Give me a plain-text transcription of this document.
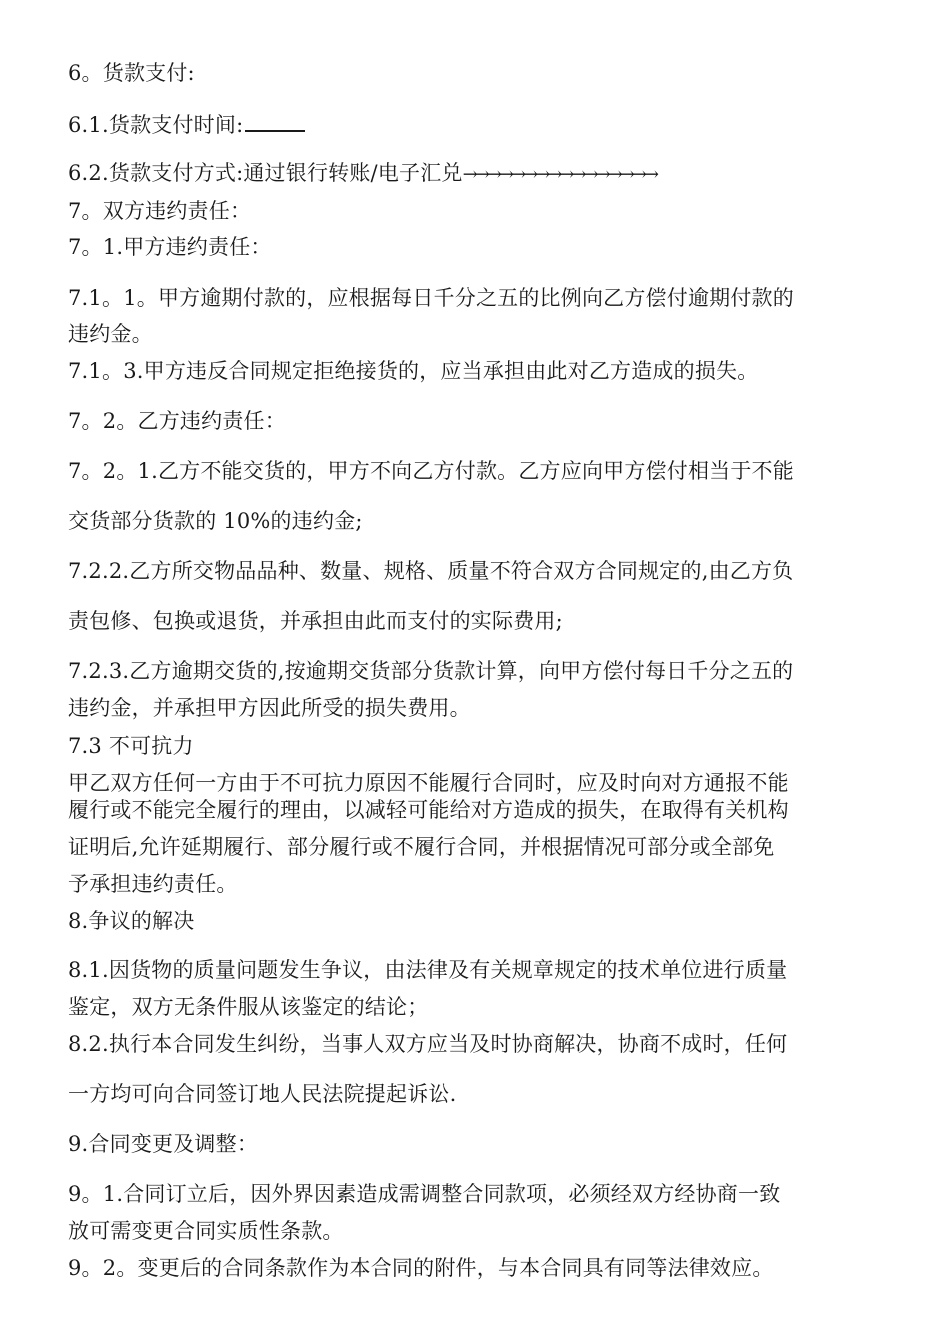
6。货款支付:
6.1.货款支付时间:
6.2.货款支付方式:通过银行转账/电子汇兑→→→→→→→→→→→→→→→→
7。双方违约责任：
7。1.甲方违约责任：
7.1。1。甲方逾期付款的，应根据每日千分之五的比例向乙方偿付逾期付款的
违约金。
7.1。3.甲方违反合同规定拒绝接货的，应当承担由此对乙方造成的损失。
7。2。乙方违约责任：
7。2。1.乙方不能交货的，甲方不向乙方付款。乙方应向甲方偿付相当于不能
交货部分货款的 10%的违约金;
7.2.2.乙方所交物品品种、数量、规格、质量不符合双方合同规定的,由乙方负
责包修、包换或退货，并承担由此而支付的实际费用;
7.2.3.乙方逾期交货的,按逾期交货部分货款计算，向甲方偿付每日千分之五的
违约金，并承担甲方因此所受的损失费用。
7.3 不可抗力
甲乙双方任何一方由于不可抗力原因不能履行合同时，应及时向对方通报不能
履行或不能完全履行的理由，以减轻可能给对方造成的损失，在取得有关机构
证明后,允许延期履行、部分履行或不履行合同，并根据情况可部分或全部免
予承担违约责任。
8.争议的解决
8.1.因货物的质量问题发生争议，由法律及有关规章规定的技术单位进行质量
鉴定，双方无条件服从该鉴定的结论；
8.2.执行本合同发生纠纷，当事人双方应当及时协商解决，协商不成时，任何
一方均可向合同签订地人民法院提起诉讼.
9.合同变更及调整：
9。1.合同订立后，因外界因素造成需调整合同款项，必须经双方经协商一致
放可需变更合同实质性条款。
9。2。变更后的合同条款作为本合同的附件，与本合同具有同等法律效应。
